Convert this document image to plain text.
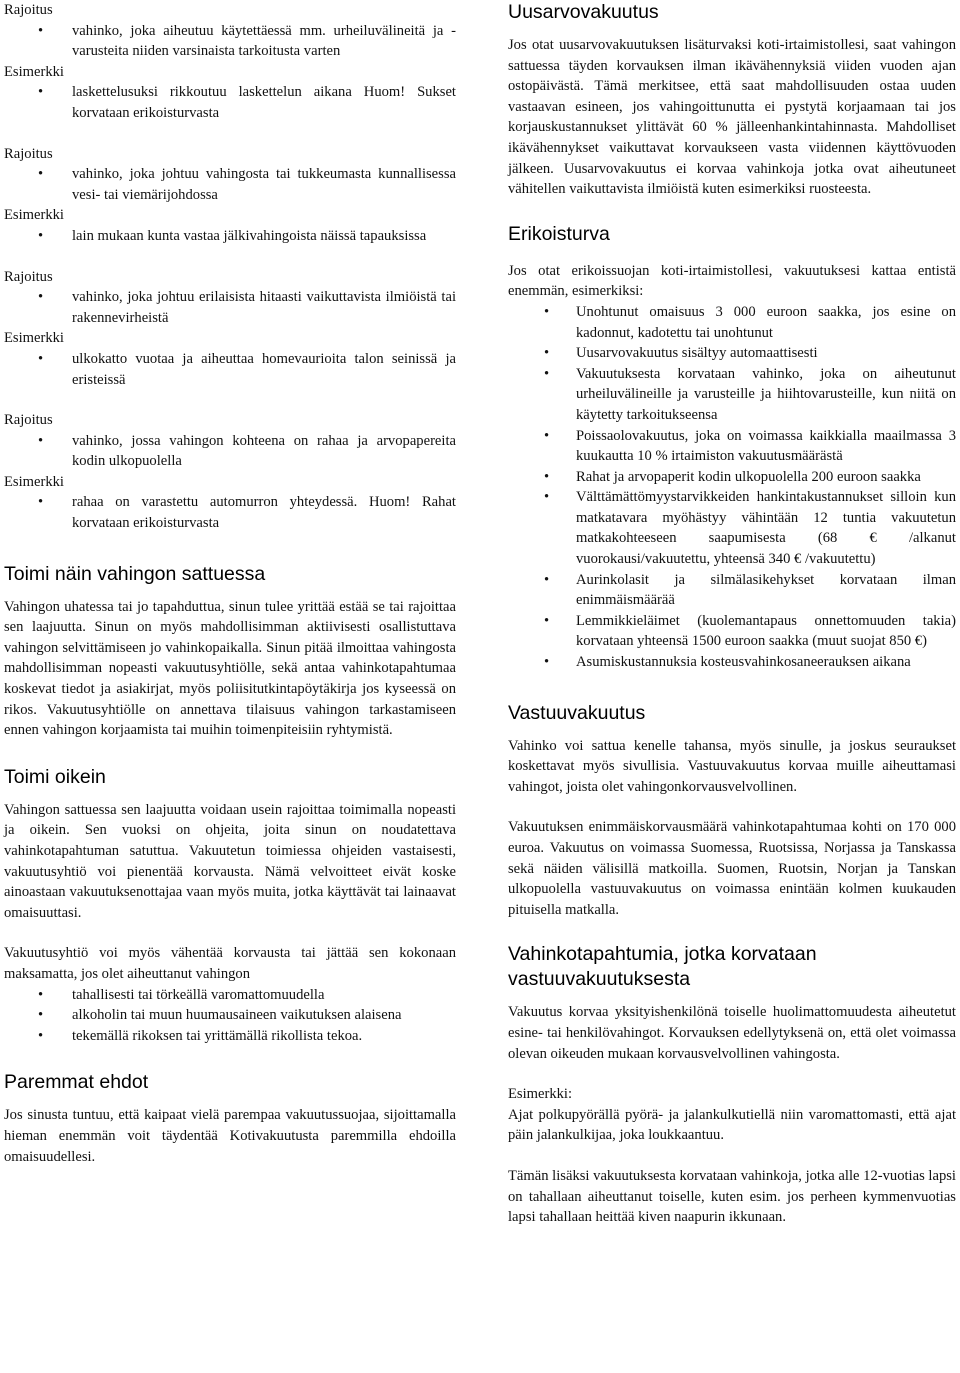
Rajoitus

• vahinko, joka aiheutuu käytettäessä mm. urheiluvälineitä ja -varusteita niiden varsinaista tarkoitusta varten

Esimerkki

• laskettelusuksi rikkoutuu laskettelun aikana Huom! Sukset korvataan erikoisturvasta

Rajoitus

• vahinko, joka johtuu vahingosta tai tukkeumasta kunnallisessa vesi- tai viemärijohdossa

Esimerkki

• lain mukaan kunta vastaa jälkivahingoista näissä tapauksissa

Rajoitus

• vahinko, joka johtuu erilaisista hitaasti vaikuttavista ilmiöistä tai rakennevirheistä

Esimerkki

• ulkokatto vuotaa ja aiheuttaa homevaurioita talon seinissä ja eristeissä

Rajoitus

• vahinko, jossa vahingon kohteena on rahaa ja arvopapereita kodin ulkopuolella

Esimerkki

• rahaa on varastettu automurron yhteydessä. Huom! Rahat korvataan erikoisturvasta

Toimi näin vahingon sattuessa

Vahingon uhatessa tai jo tapahduttua, sinun tulee yrittää estää se tai rajoittaa sen laajuutta. Sinun on myös mahdollisimman aktiivisesti osallistuttava vahingon selvittämiseen jo vahinkopaikalla. Sinun pitää ilmoittaa vahingosta mahdollisimman nopeasti vakuutusyhtiölle, sekä antaa vahinkotapahtumaa koskevat tiedot ja asiakirjat, myös poliisitutkintapöytäkirja jos kyseessä on rikos. Vakuutusyhtiölle on annettava tilaisuus vahingon tarkastamiseen ennen vahingon korjaamista tai muihin toimenpiteisiin ryhtymistä.

Toimi oikein

Vahingon sattuessa sen laajuutta voidaan usein rajoittaa toimimalla nopeasti ja oikein. Sen vuoksi on ohjeita, joita sinun on noudatettava vahinkotapahtuman satuttua. Vakuutetun toimiessa ohjeiden vastaisesti, vakuutusyhtiö voi pienentää korvausta. Nämä velvoitteet eivät koske ainoastaan vakuutuksenottajaa vaan myös muita, jotka käyttävät tai lainaavat omaisuuttasi.

Vakuutusyhtiö voi myös vähentää korvausta tai jättää sen kokonaan maksamatta, jos olet aiheuttanut vahingon

• tahallisesti tai törkeällä varomattomuudella

• alkoholin tai muun huumausaineen vaikutuksen alaisena

• tekemällä rikoksen tai yrittämällä rikollista tekoa.

Paremmat ehdot

Jos sinusta tuntuu, että kaipaat vielä parempaa vakuutussuojaa, sijoittamalla hieman enemmän voit täydentää Kotivakuutusta paremmilla ehdoilla omaisuudellesi.

Uusarvovakuutus

Jos otat uusarvovakuutuksen lisäturvaksi koti-irtaimistollesi, saat vahingon sattuessa täyden korvauksen ilman ikävähennyksiä viiden vuoden ajan ostopäivästä. Tämä merkitsee, että saat mahdollisuuden ostaa uuden vastaavan esineen, jos vahingoittunutta ei pystytä korjaamaan tai jos korjauskustannukset ylittävät 60 % jälleenhankintahinnasta. Mahdolliset ikävähennykset vaikuttavat korvaukseen vasta viidennen käyttövuoden jälkeen. Uusarvovakuutus ei korvaa vahinkoja jotka ovat aiheutuneet vähitellen vaikuttavista ilmiöistä kuten esimerkiksi ruosteesta.

Erikoisturva

Jos otat erikoissuojan koti-irtaimistollesi, vakuutuksesi kattaa entistä enemmän, esimerkiksi:

• Unohtunut omaisuus 3 000 euroon saakka, jos esine on kadonnut, kadotettu tai unohtunut

• Uusarvovakuutus sisältyy automaattisesti

• Vakuutuksesta korvataan vahinko, joka on aiheutunut urheiluvälineille ja varusteille ja hiihtovarusteille, kun niitä on käytetty tarkoitukseensa

• Poissaolovakuutus, joka on voimassa kaikkialla maailmassa 3 kuukautta 10 % irtaimiston vakuutusmäärästä

• Rahat ja arvopaperit kodin ulkopuolella 200 euroon saakka

• Välttämättömyystarvikkeiden hankintakustannukset silloin kun matkatavara myöhästyy vähintään 12 tuntia vakuutetun matkakohteeseen saapumisesta (68 € /alkanut vuorokausi/vakuutettu, yhteensä 340 € /vakuutettu)

• Aurinkolasit ja silmälasikehykset korvataan ilman enimmäismäärää

• Lemmikkieläimet (kuolemantapaus onnettomuuden takia) korvataan yhteensä 1500 euroon saakka (muut suojat 850 €)

• Asumiskustannuksia kosteusvahinkosaneerauksen aikana

Vastuuvakuutus

Vahinko voi sattua kenelle tahansa, myös sinulle, ja joskus seuraukset koskettavat myös sivullisia. Vastuuvakuutus korvaa muille aiheuttamasi vahingot, joista olet vahingonkorvausvelvollinen.

Vakuutuksen enimmäiskorvausmäärä vahinkotapahtumaa kohti on 170 000 euroa. Vakuutus on voimassa Suomessa, Ruotsissa, Norjassa ja Tanskassa sekä näiden välisillä matkoilla. Suomen, Ruotsin, Norjan ja Tanskan ulkopuolella vastuuvakuutus on voimassa enintään kolmen kuukauden pituisella matkalla.

Vahinkotapahtumia, jotka korvataan vastuuvakuutuksesta

Vakuutus korvaa yksityishenkilönä toiselle huolimattomuudesta aiheutetut esine- tai henkilövahingot. Korvauksen edellytyksenä on, että olet voimassa olevan oikeuden mukaan korvausvelvollinen vahingosta.

Esimerkki:

Ajat polkupyörällä pyörä- ja jalankulkutiellä niin varomattomasti, että ajat päin jalankulkijaa, joka loukkaantuu.

Tämän lisäksi vakuutuksesta korvataan vahinkoja, jotka alle 12-vuotias lapsi on tahallaan aiheuttanut toiselle, kuten esim. jos perheen kymmenvuotias lapsi tahallaan heittää kiven naapurin ikkunaan.
